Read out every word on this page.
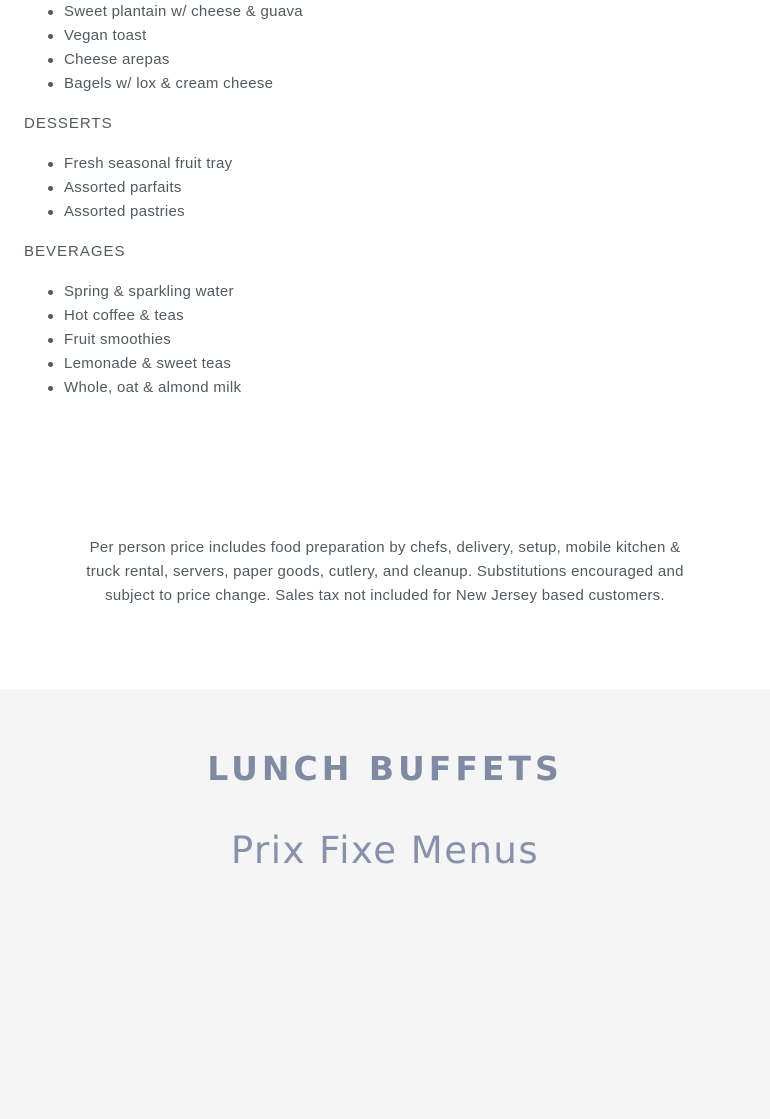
Sweet plantain w/ cheese & guava
Vegan toast
Cheese arepas
Bagels w/ lox & cream cheese
DESSERTS
Fresh seasonal fruit tray
Assorted parfaits
Assorted pastries
BEVERAGES
Spring & sparkling water
Hot coffee & teas
Fruit smoothies
Lemonade & sweet teas
Whole, oat & almond milk

Per person price includes food preparation by chefs, delivery, setup, mobile kitchen & truck rental, servers, paper goods, cutlery, and cleanup. Substitutions encouraged and subject to price change. Sales tax not included for New Jersey based customers.

LUNCH BUFFETS
Prix Fixe Menus
